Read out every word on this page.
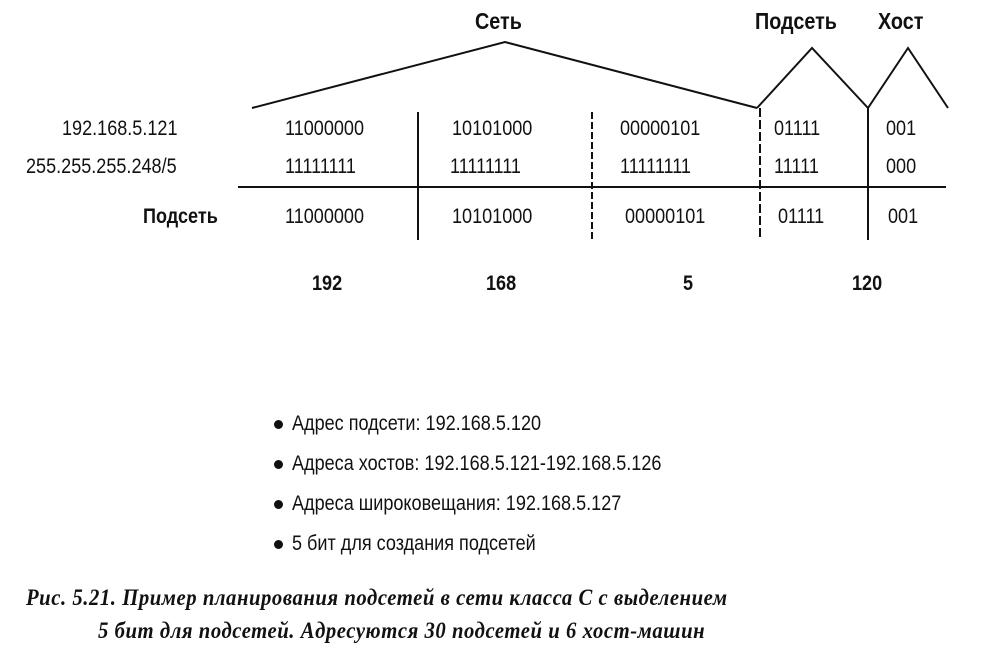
Сеть	Подсеть	Хост
192.168.5.121	11000000	10101000	00000101	01111	001
255.255.255.248/5	11111111	11111111	11111111	11111	000
Подсеть	11000000	10101000	00000101	01111	001
192	168	5	120
Адрес подсети: 192.168.5.120
Адреса хостов: 192.168.5.121-192.168.5.126
Адреса широковещания: 192.168.5.127
5 бит для создания подсетей
Рис. 5.21. Пример планирования подсетей в сети класса С с выделением
5 бит для подсетей. Адресуются 30 подсетей и 6 хост-машин
